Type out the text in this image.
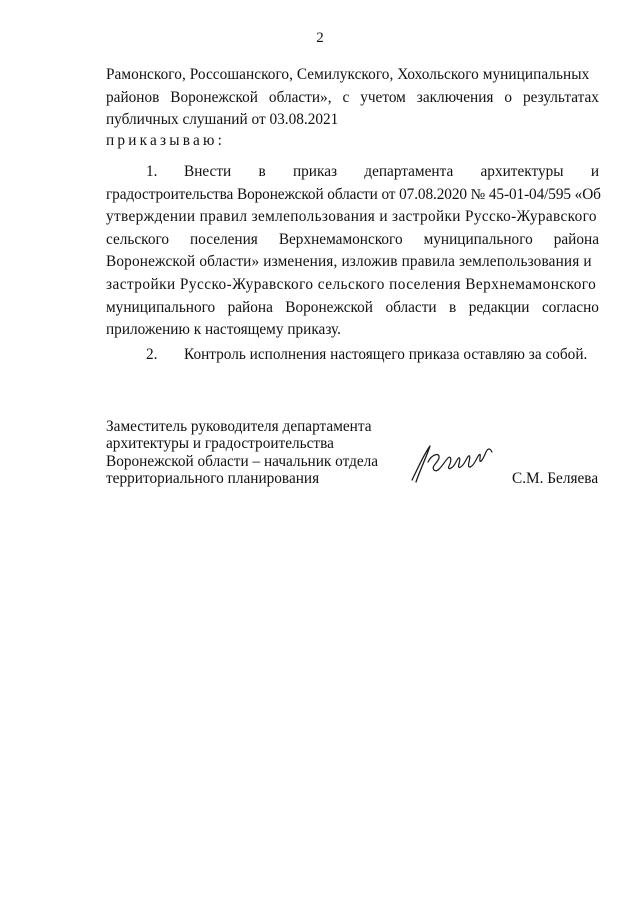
2
Рамонского, Россошанского, Семилукского, Хохольского муниципальных
районов Воронежской области», с учетом заключения о результатах
публичных слушаний от 03.08.2021
приказываю:
1.	Внести в приказ департамента архитектуры и
градостроительства Воронежской области от 07.08.2020 № 45-01-04/595 «Об
утверждении правил землепользования и застройки Русско-Журавского
сельского поселения Верхнемамонского муниципального района
Воронежской области» изменения, изложив правила землепользования и
застройки Русско-Журавского сельского поселения Верхнемамонского
муниципального района Воронежской области в редакции согласно
приложению к настоящему приказу.
2. Контроль исполнения настоящего приказа оставляю за собой.
Заместитель руководителя департамента
архитектуры и градостроительства
Воронежской области – начальник отдела
территориального планирования	С.М. Беляева
